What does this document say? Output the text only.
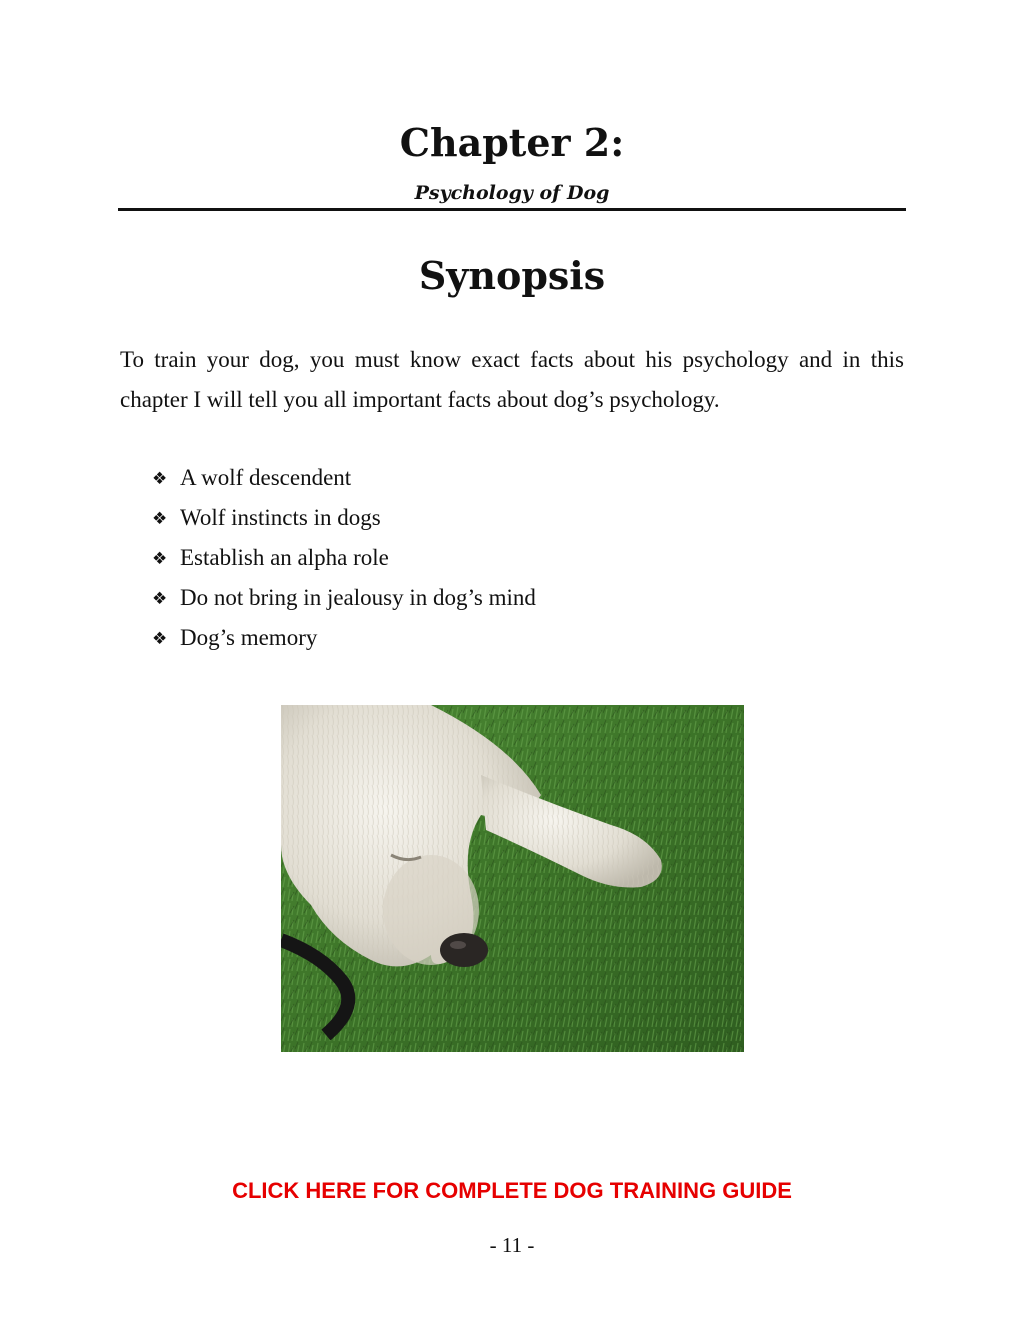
Chapter 2:
Psychology of Dog
Synopsis

To train your dog, you must know exact facts about his psychology and in this chapter I will tell you all important facts about dog’s psychology.

❖ A wolf descendent
❖ Wolf instincts in dogs
❖ Establish an alpha role
❖ Do not bring in jealousy in dog’s mind
❖ Dog’s memory
CLICK HERE FOR COMPLETE DOG TRAINING GUIDE
- 11 -
